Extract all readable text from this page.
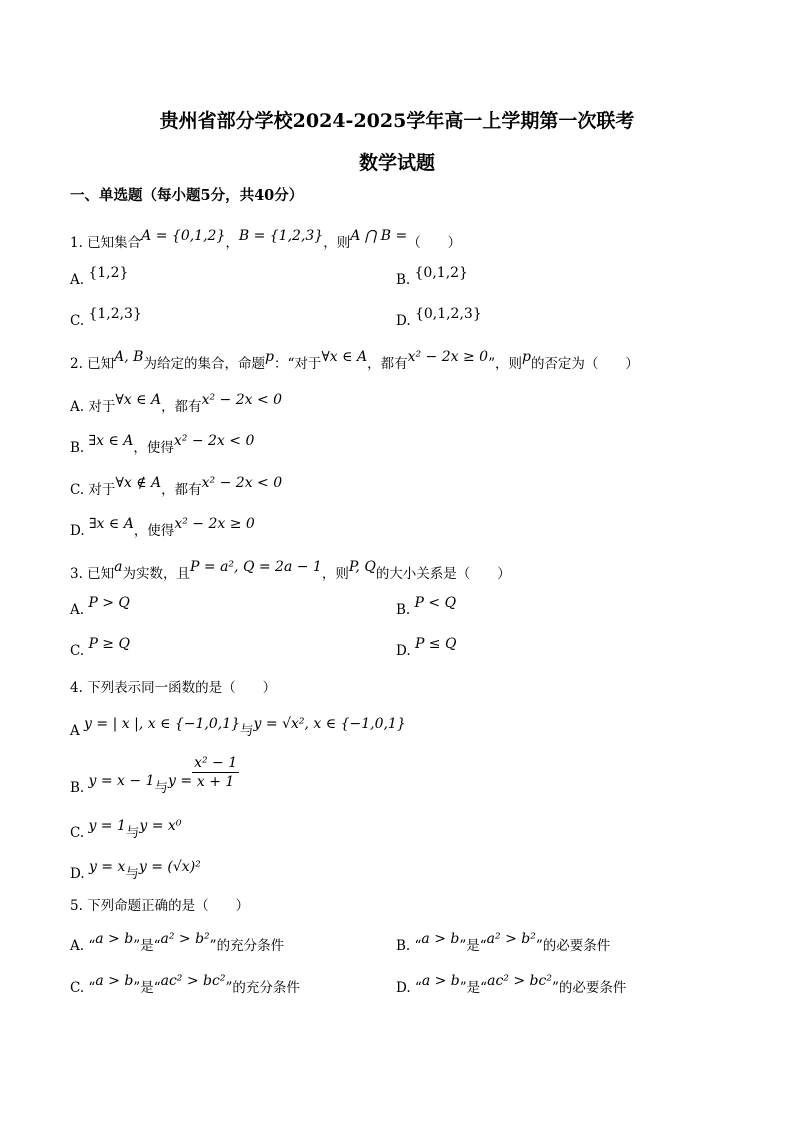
贵州省部分学校2024-2025学年高一上学期第一次联考
数学试题
一、单选题（每小题5分，共40分）
1. 已知集合A = {0,1,2}，B = {1,2,3}，则A ⋂ B =（　　）
A. {1,2}	B. {0,1,2}
C. {1,2,3}	D. {0,1,2,3}
2. 已知A, B为给定的集合，命题p：“对于∀x ∈ A，都有x² − 2x ≥ 0”，则p的否定为（　　）
A. 对于∀x ∈ A，都有x² − 2x < 0
B. ∃x ∈ A，使得x² − 2x < 0
C. 对于∀x ∉ A，都有x² − 2x < 0
D. ∃x ∈ A，使得x² − 2x ≥ 0
3. 已知a为实数，且P = a², Q = 2a − 1，则P, Q的大小关系是（　　）
A. P > Q	B. P < Q
C. P ≥ Q	D. P ≤ Q
4. 下列表示同一函数的是（　　）
A y = | x |, x ∈ {−1,0,1}与y = √x², x ∈ {−1,0,1}
B. y = x − 1与$y = \frac{\text{x² − 1}}{x + 1}$
C. y = 1与y = x⁰
D. y = x与y = (√x)²
5. 下列命题正确的是（　　）
A. “a > b”是“a² > b²”的充分条件	B. “a > b”是“a² > b²”的必要条件
C. “a > b”是“ac² > bc²”的充分条件	D. “a > b”是“ac² > bc²”的必要条件
